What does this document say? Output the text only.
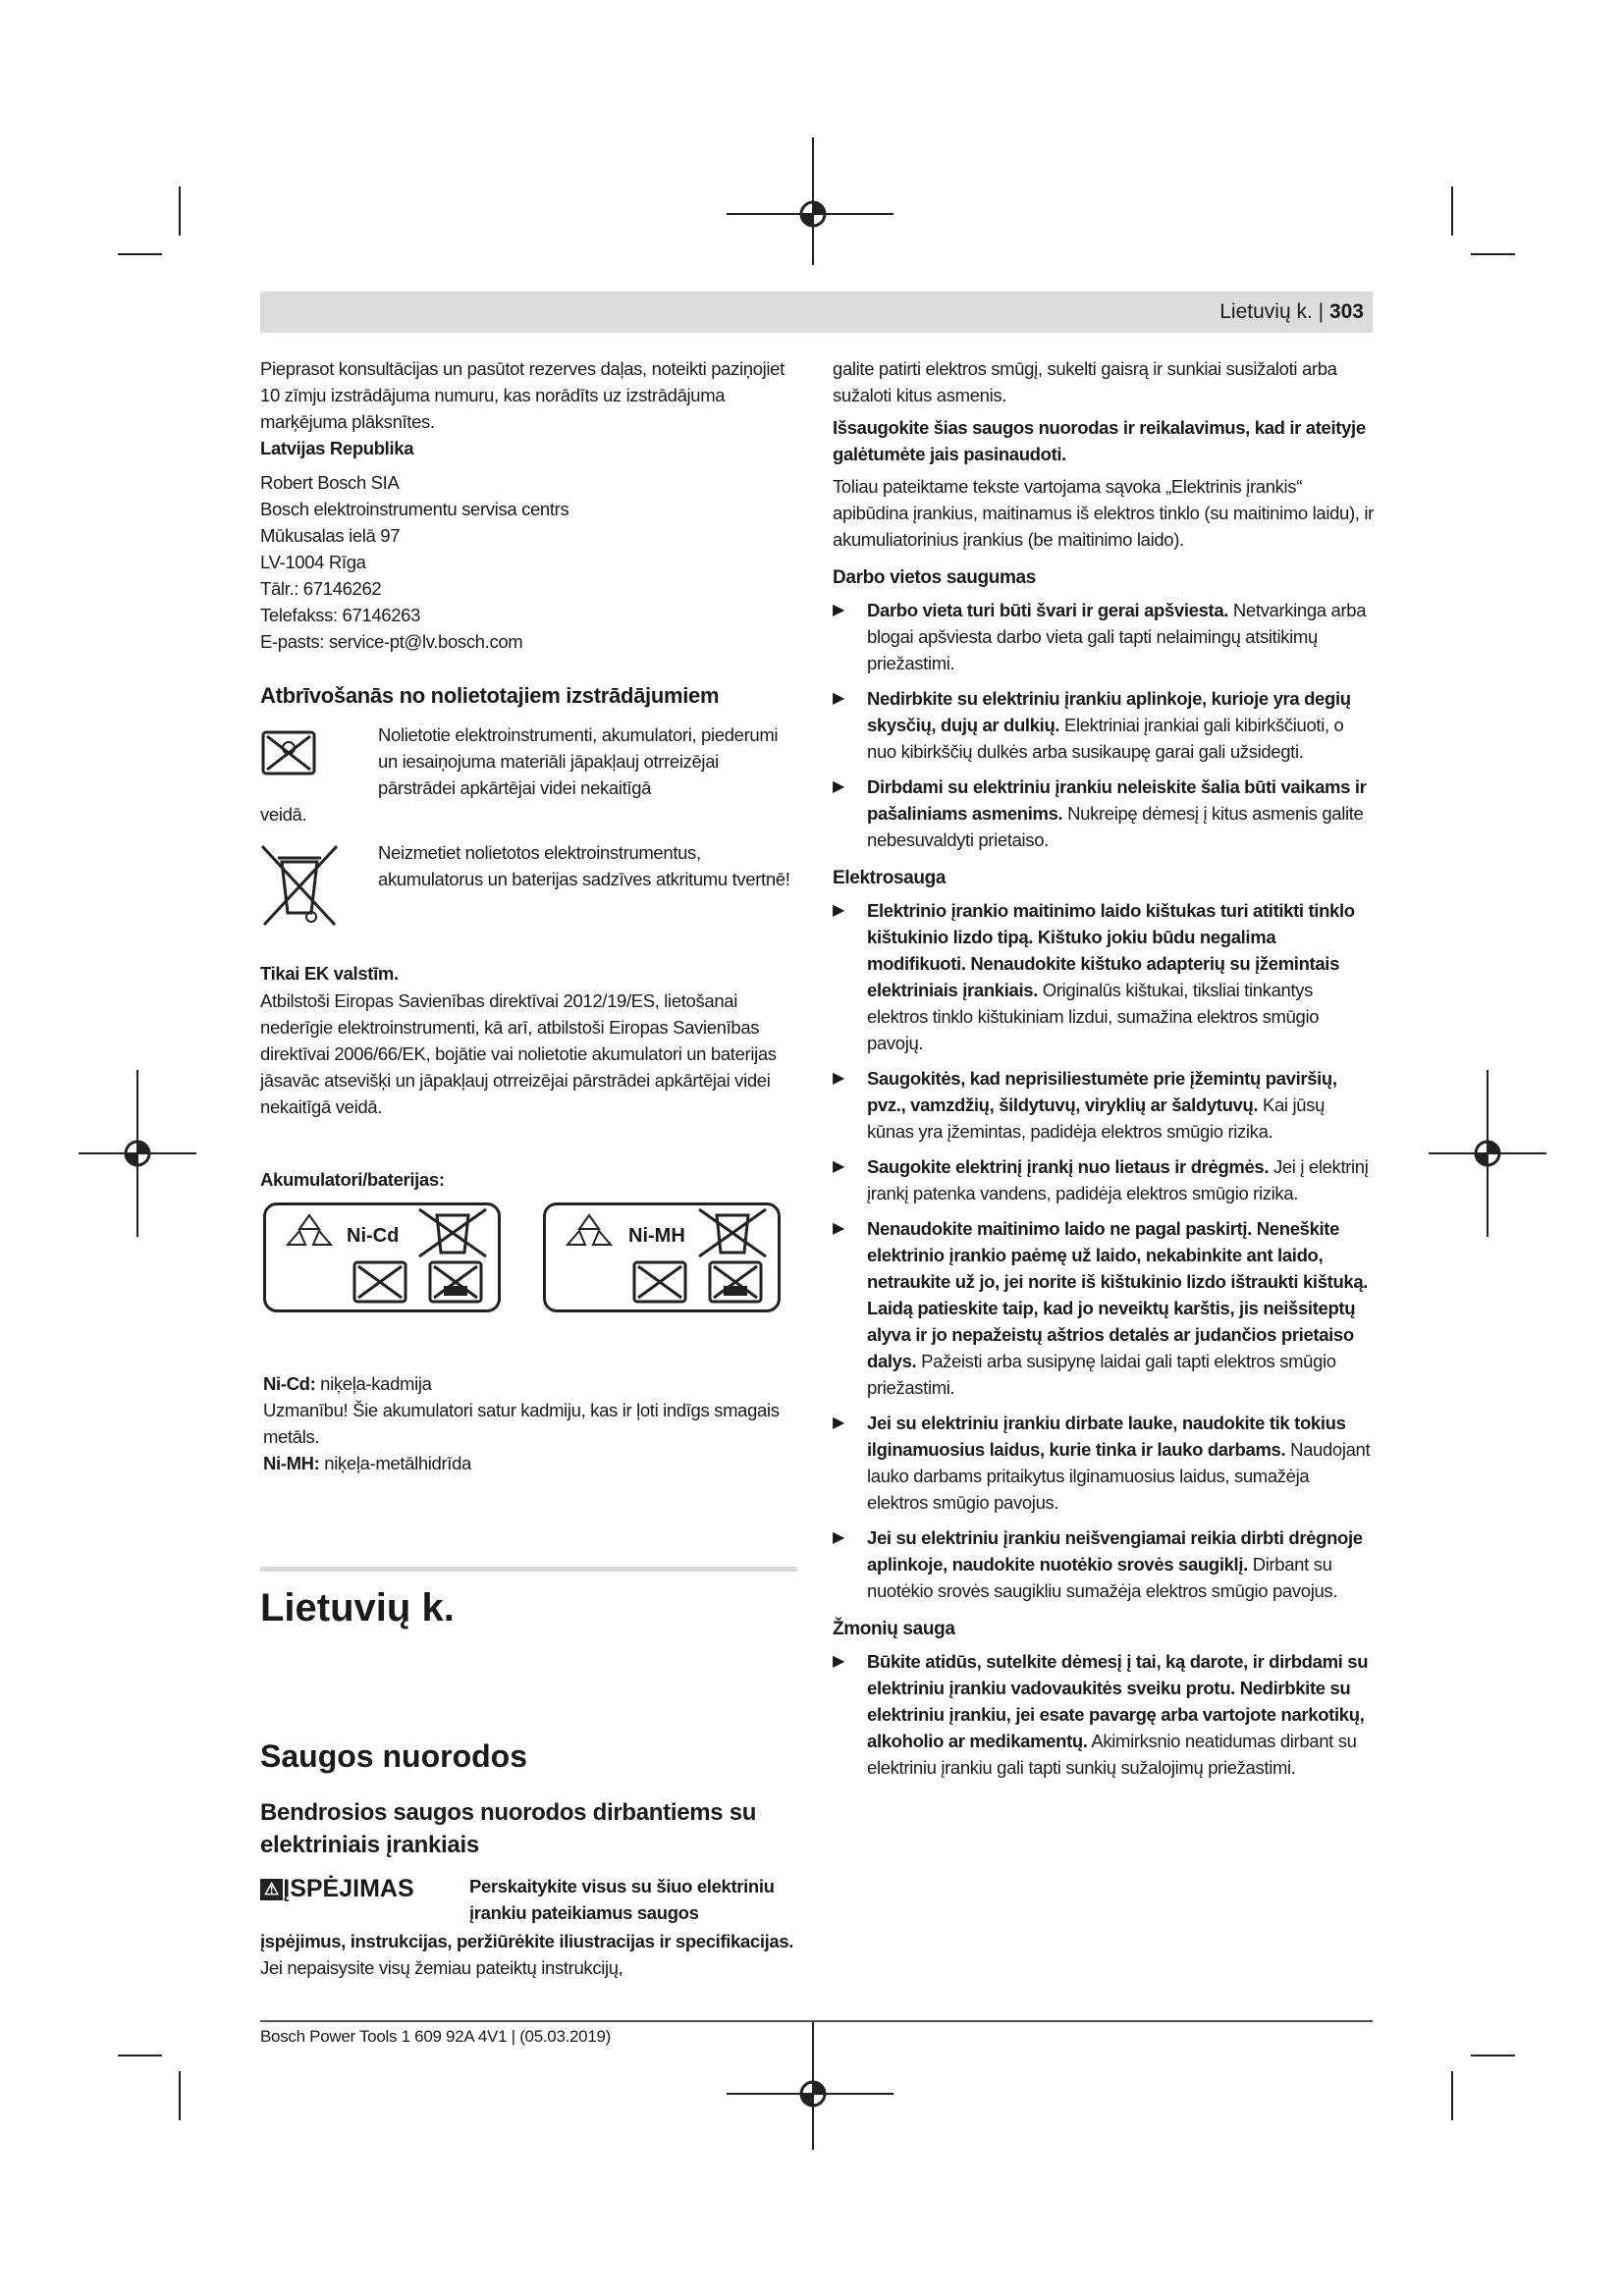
Lietuvių k. | 303
Pieprasot konsultācijas un pasūtot rezerves daļas, noteikti paziņojiet 10 zīmju izstrādājuma numuru, kas norādīts uz izstrādājuma marķējuma plāksnītes.
Latvijas Republika
Robert Bosch SIA
Bosch elektroinstrumentu servisa centrs
Mūkusalas ielā 97
LV-1004 Rīga
Tālr.: 67146262
Telefakss: 67146263
E-pasts: service-pt@lv.bosch.com
Atbrīvošanās no nolietotajiem izstrādājumiem
Nolietotie elektroinstrumenti, akumulatori, piederumi un iesaiņojuma materiāli jāpakļauj otrreizējai pārstrādei apkārtējai videi nekaitīgā
veidā.
Neizmetiet nolietotos elektroinstrumentus, akumulatorus un baterijas sadzīves atkritumu tvertnē!
Tikai EK valstīm.
Atbilstoši Eiropas Savienības direktīvai 2012/19/ES, lietošanai nederīgie elektroinstrumenti, kā arī, atbilstoši Eiropas Savienības direktīvai 2006/66/EK, bojātie vai nolietotie akumulatori un baterijas jāsavāc atsevišķi un jāpakļauj otrreizējai pārstrādei apkārtējai videi nekaitīgā veidā.
Akumulatori/baterijas:
Ni-Cd	Ni-MH
Ni-Cd: niķeļa-kadmija
Uzmanību! Šie akumulatori satur kadmiju, kas ir ļoti indīgs smagais metāls.
Ni-MH: niķeļa-metālhidrīda
Lietuvių k.
Saugos nuorodos
Bendrosios saugos nuorodos dirbantiems su elektriniais įrankiais
⚠ ĮSPĖJIMAS	Perskaitykite visus su šiuo elektriniu įrankiu pateikiamus saugos
įspėjimus, instrukcijas, peržiūrėkite iliustracijas ir specifikacijas. Jei nepaisysite visų žemiau pateiktų instrukcijų,

galite patirti elektros smūgį, sukelti gaisrą ir sunkiai susižaloti arba sužaloti kitus asmenis.

Išsaugokite šias saugos nuorodas ir reikalavimus, kad ir ateityje galėtumėte jais pasinaudoti.

Toliau pateiktame tekste vartojama sąvoka „Elektrinis įrankis“ apibūdina įrankius, maitinamus iš elektros tinklo (su maitinimo laidu), ir akumuliatorinius įrankius (be maitinimo laido).

Darbo vietos saugumas
▶ Darbo vieta turi būti švari ir gerai apšviesta. Netvarkinga arba blogai apšviesta darbo vieta gali tapti nelaimingų atsitikimų priežastimi.
▶ Nedirbkite su elektriniu įrankiu aplinkoje, kurioje yra degių skysčių, dujų ar dulkių. Elektriniai įrankiai gali kibirkščiuoti, o nuo kibirkščių dulkės arba susikaupę garai gali užsidegti.
▶ Dirbdami su elektriniu įrankiu neleiskite šalia būti vaikams ir pašaliniams asmenims. Nukreipę dėmesį į kitus asmenis galite nebesuvaldyti prietaiso.
Elektrosauga
▶ Elektrinio įrankio maitinimo laido kištukas turi atitikti tinklo kištukinio lizdo tipą. Kištuko jokiu būdu negalima modifikuoti. Nenaudokite kištuko adapterių su įžemintais elektriniais įrankiais. Originalūs kištukai, tiksliai tinkantys elektros tinklo kištukiniam lizdui, sumažina elektros smūgio pavojų.
▶ Saugokitės, kad neprisiliestumėte prie įžemintų paviršių, pvz., vamzdžių, šildytuvų, viryklių ar šaldytuvų. Kai jūsų kūnas yra įžemintas, padidėja elektros smūgio rizika.
▶ Saugokite elektrinį įrankį nuo lietaus ir drėgmės. Jei į elektrinį įrankį patenka vandens, padidėja elektros smūgio rizika.
▶ Nenaudokite maitinimo laido ne pagal paskirtį. Neneškite elektrinio įrankio paėmę už laido, nekabinkite ant laido, netraukite už jo, jei norite iš kištukinio lizdo ištraukti kištuką. Laidą patieskite taip, kad jo neveiktų karštis, jis neišsiteptų alyva ir jo nepažeistų aštrios detalės ar judančios prietaiso dalys. Pažeisti arba susipynę laidai gali tapti elektros smūgio priežastimi.
▶ Jei su elektriniu įrankiu dirbate lauke, naudokite tik tokius ilginamuosius laidus, kurie tinka ir lauko darbams. Naudojant lauko darbams pritaikytus ilginamuosius laidus, sumažėja elektros smūgio pavojus.
▶ Jei su elektriniu įrankiu neišvengiamai reikia dirbti drėgnoje aplinkoje, naudokite nuotėkio srovės saugiklį. Dirbant su nuotėkio srovės saugikliu sumažėja elektros smūgio pavojus.
Žmonių sauga
▶ Būkite atidūs, sutelkite dėmesį į tai, ką darote, ir dirbdami su elektriniu įrankiu vadovaukitės sveiku protu. Nedirbkite su elektriniu įrankiu, jei esate pavargę arba vartojote narkotikų, alkoholio ar medikamentų. Akimirksnio neatidumas dirbant su elektriniu įrankiu gali tapti sunkių sužalojimų priežastimi.
Bosch Power Tools 1 609 92A 4V1 | (05.03.2019)
